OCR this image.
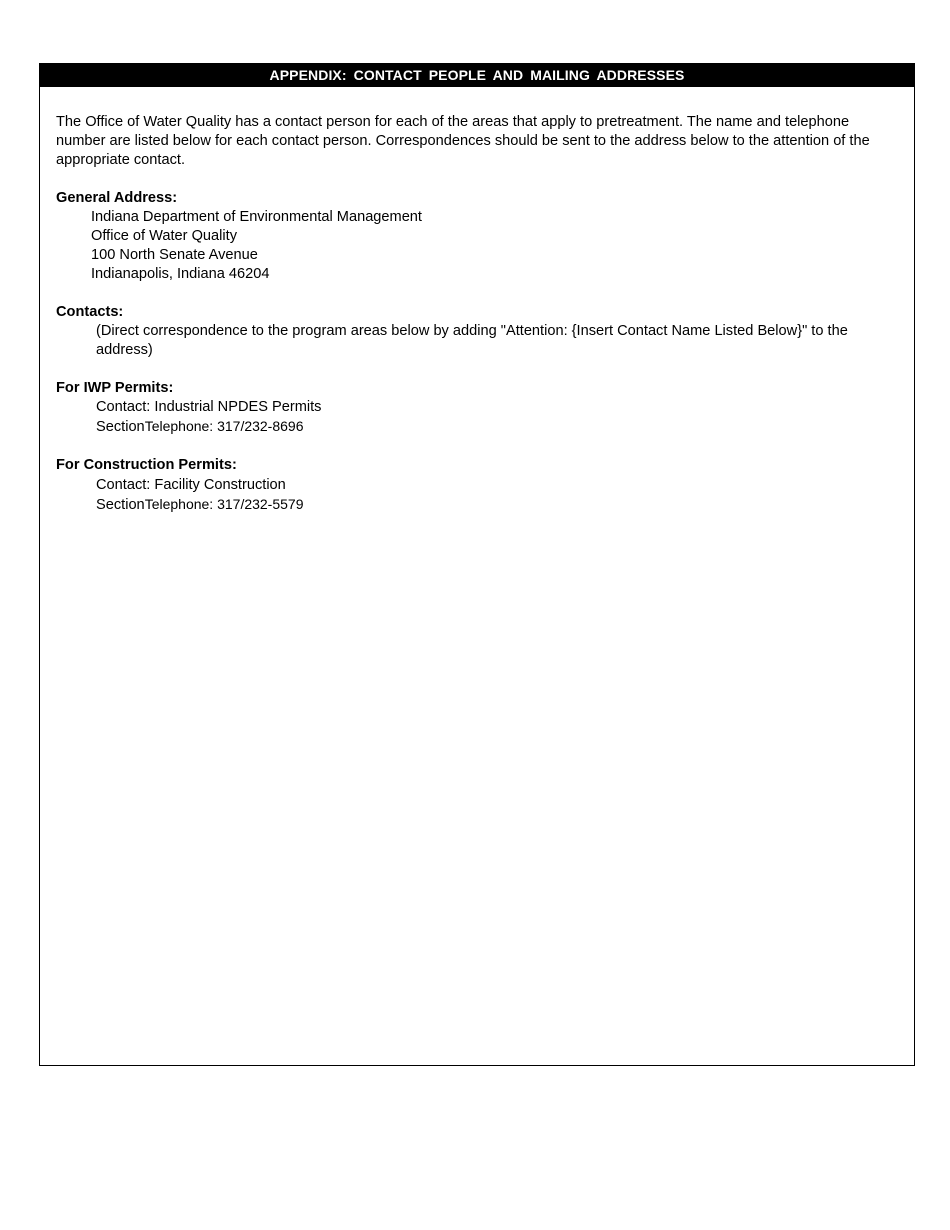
APPENDIX: CONTACT PEOPLE AND MAILING ADDRESSES

The Office of Water Quality has a contact person for each of the areas that apply to pretreatment. The name and telephone number are listed below for each contact person. Correspondences should be sent to the address below to the attention of the appropriate contact.

General Address:

Indiana Department of Environmental Management
Office of Water Quality
100 North Senate Avenue
Indianapolis, Indiana 46204

Contacts:

(Direct correspondence to the program areas below by adding "Attention: {Insert Contact Name Listed Below}" to the address)

For IWP Permits:

Contact: Industrial NPDES Permits
SectionTelephone: 317/232-8696

For Construction Permits:

Contact: Facility Construction
SectionTelephone: 317/232-5579
